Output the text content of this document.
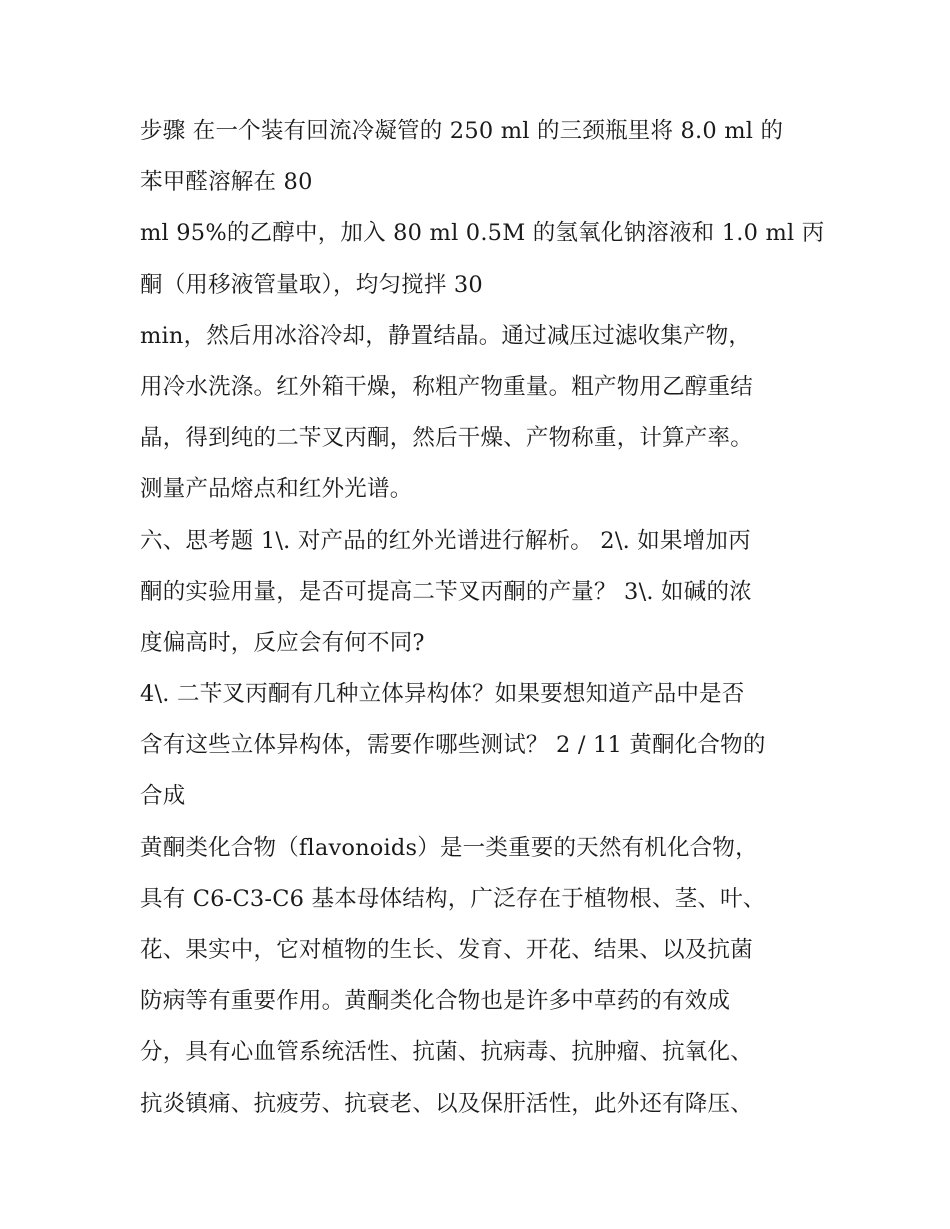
步骤 在一个装有回流冷凝管的 250 ml 的三颈瓶里将 8.0 ml 的
苯甲醛溶解在 80
ml 95%的乙醇中，加入 80 ml 0.5M 的氢氧化钠溶液和 1.0 ml 丙
酮（用移液管量取），均匀搅拌 30
min，然后用冰浴冷却，静置结晶。通过减压过滤收集产物，
用冷水洗涤。红外箱干燥，称粗产物重量。粗产物用乙醇重结
晶，得到纯的二苄叉丙酮，然后干燥、产物称重，计算产率。
测量产品熔点和红外光谱。
六、思考题 1\. 对产品的红外光谱进行解析。 2\. 如果增加丙
酮的实验用量，是否可提高二苄叉丙酮的产量？ 3\. 如碱的浓
度偏高时，反应会有何不同?
4\. 二苄叉丙酮有几种立体异构体？如果要想知道产品中是否
含有这些立体异构体，需要作哪些测试？ 2 / 11 黄酮化合物的
合成
黄酮类化合物（flavonoids）是一类重要的天然有机化合物，
具有 C6-C3-C6 基本母体结构，广泛存在于植物根、茎、叶、
花、果实中，它对植物的生长、发育、开花、结果、以及抗菌
防病等有重要作用。黄酮类化合物也是许多中草药的有效成
分，具有心血管系统活性、抗菌、抗病毒、抗肿瘤、抗氧化、
抗炎镇痛、抗疲劳、抗衰老、以及保肝活性，此外还有降压、
